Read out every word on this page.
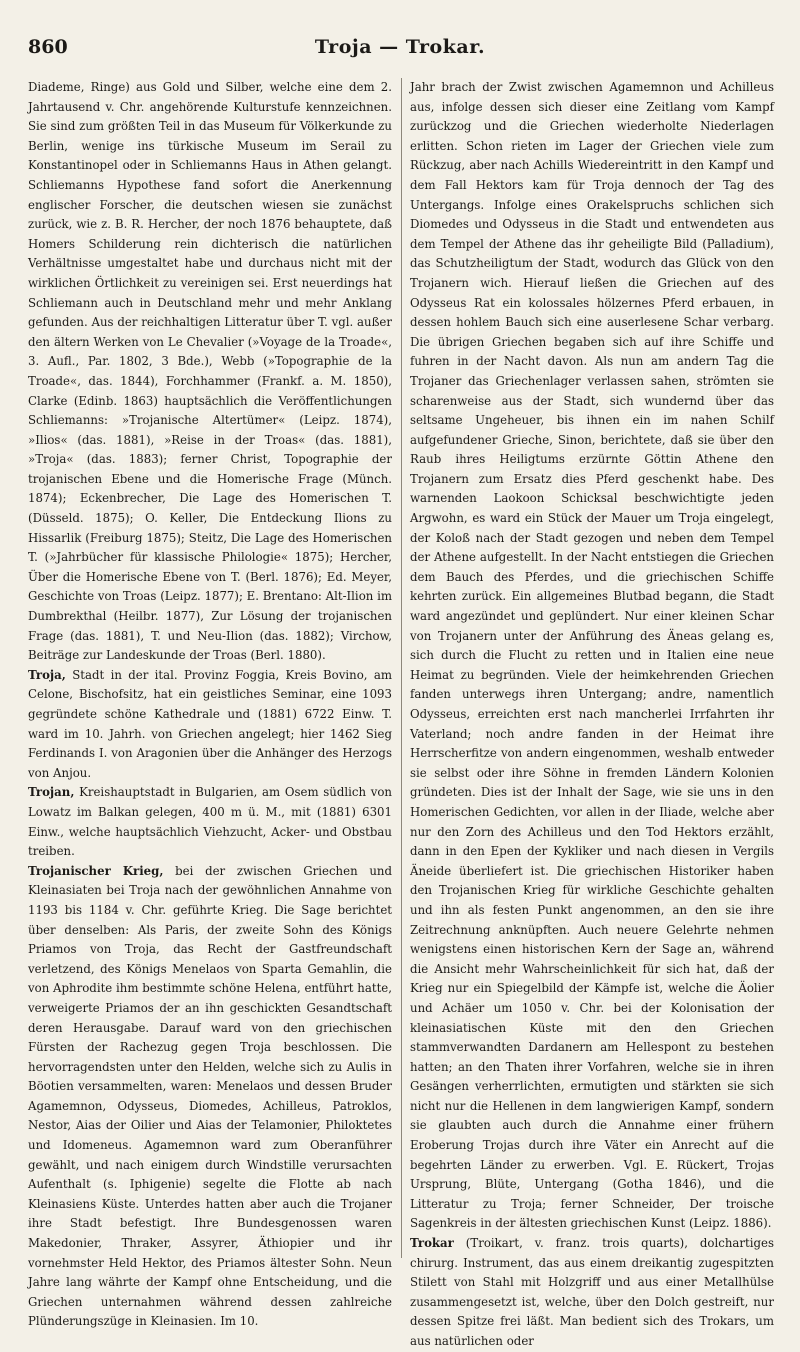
860	Troja — Trokar.

Diademe, Ringe) aus Gold und Silber, welche eine dem 2. Jahrtausend v. Chr. angehörende Kulturstufe kennzeichnen. Sie sind zum größten Teil in das Museum für Völkerkunde zu Berlin, wenige ins türkische Museum im Serail zu Konstantinopel oder in Schliemanns Haus in Athen gelangt. Schliemanns Hypothese fand sofort die Anerkennung englischer Forscher, die deutschen wiesen sie zunächst zurück, wie z. B. R. Hercher, der noch 1876 behauptete, daß Homers Schilderung rein dichterisch die natürlichen Verhältnisse umgestaltet habe und durchaus nicht mit der wirklichen Örtlichkeit zu vereinigen sei. Erst neuerdings hat Schliemann auch in Deutschland mehr und mehr Anklang gefunden. Aus der reichhaltigen Litteratur über T. vgl. außer den ältern Werken von Le Chevalier (»Voyage de la Troade«, 3. Aufl., Par. 1802, 3 Bde.), Webb (»Topographie de la Troade«, das. 1844), Forchhammer (Frankf. a. M. 1850), Clarke (Edinb. 1863) hauptsächlich die Veröffentlichungen Schliemanns: »Trojanische Altertümer« (Leipz. 1874), »Ilios« (das. 1881), »Reise in der Troas« (das. 1881), »Troja« (das. 1883); ferner Christ, Topographie der trojanischen Ebene und die Homerische Frage (Münch. 1874); Eckenbrecher, Die Lage des Homerischen T. (Düsseld. 1875); O. Keller, Die Entdeckung Ilions zu Hissarlik (Freiburg 1875); Steitz, Die Lage des Homerischen T. (»Jahrbücher für klassische Philologie« 1875); Hercher, Über die Homerische Ebene von T. (Berl. 1876); Ed. Meyer, Geschichte von Troas (Leipz. 1877); E. Brentano: Alt-Ilion im Dumbrekthal (Heilbr. 1877), Zur Lösung der trojanischen Frage (das. 1881), T. und Neu-Ilion (das. 1882); Virchow, Beiträge zur Landeskunde der Troas (Berl. 1880).

Troja, Stadt in der ital. Provinz Foggia, Kreis Bovino, am Celone, Bischofsitz, hat ein geistliches Seminar, eine 1093 gegründete schöne Kathedrale und (1881) 6722 Einw. T. ward im 10. Jahrh. von Griechen angelegt; hier 1462 Sieg Ferdinands I. von Aragonien über die Anhänger des Herzogs von Anjou.

Trojan, Kreishauptstadt in Bulgarien, am Osem südlich von Lowatz im Balkan gelegen, 400 m ü. M., mit (1881) 6301 Einw., welche hauptsächlich Viehzucht, Acker- und Obstbau treiben.

Trojanischer Krieg, bei der zwischen Griechen und Kleinasiaten bei Troja nach der gewöhnlichen Annahme von 1193 bis 1184 v. Chr. geführte Krieg. Die Sage berichtet über denselben: Als Paris, der zweite Sohn des Königs Priamos von Troja, das Recht der Gastfreundschaft verletzend, des Königs Menelaos von Sparta Gemahlin, die von Aphrodite ihm bestimmte schöne Helena, entführt hatte, verweigerte Priamos der an ihn geschickten Gesandtschaft deren Herausgabe. Darauf ward von den griechischen Fürsten der Rachezug gegen Troja beschlossen. Die hervorragendsten unter den Helden, welche sich zu Aulis in Böotien versammelten, waren: Menelaos und dessen Bruder Agamemnon, Odysseus, Diomedes, Achilleus, Patroklos, Nestor, Aias der Oilier und Aias der Telamonier, Philoktetes und Idomeneus. Agamemnon ward zum Oberanführer gewählt, und nach einigem durch Windstille verursachten Aufenthalt (s. Iphigenie) segelte die Flotte ab nach Kleinasiens Küste. Unterdes hatten aber auch die Trojaner ihre Stadt befestigt. Ihre Bundesgenossen waren Makedonier, Thraker, Assyrer, Äthiopier und ihr vornehmster Held Hektor, des Priamos ältester Sohn. Neun Jahre lang währte der Kampf ohne Entscheidung, und die Griechen unternahmen während dessen zahlreiche Plünderungszüge in Kleinasien. Im 10.

Jahr brach der Zwist zwischen Agamemnon und Achilleus aus, infolge dessen sich dieser eine Zeitlang vom Kampf zurückzog und die Griechen wiederholte Niederlagen erlitten. Schon rieten im Lager der Griechen viele zum Rückzug, aber nach Achills Wiedereintritt in den Kampf und dem Fall Hektors kam für Troja dennoch der Tag des Untergangs. Infolge eines Orakelspruchs schlichen sich Diomedes und Odysseus in die Stadt und entwendeten aus dem Tempel der Athene das ihr geheiligte Bild (Palladium), das Schutzheiligtum der Stadt, wodurch das Glück von den Trojanern wich. Hierauf ließen die Griechen auf des Odysseus Rat ein kolossales hölzernes Pferd erbauen, in dessen hohlem Bauch sich eine auserlesene Schar verbarg. Die übrigen Griechen begaben sich auf ihre Schiffe und fuhren in der Nacht davon. Als nun am andern Tag die Trojaner das Griechenlager verlassen sahen, strömten sie scharenweise aus der Stadt, sich wundernd über das seltsame Ungeheuer, bis ihnen ein im nahen Schilf aufgefundener Grieche, Sinon, berichtete, daß sie über den Raub ihres Heiligtums erzürnte Göttin Athene den Trojanern zum Ersatz dies Pferd geschenkt habe. Des warnenden Laokoon Schicksal beschwichtigte jeden Argwohn, es ward ein Stück der Mauer um Troja eingelegt, der Koloß nach der Stadt gezogen und neben dem Tempel der Athene aufgestellt. In der Nacht entstiegen die Griechen dem Bauch des Pferdes, und die griechischen Schiffe kehrten zurück. Ein allgemeines Blutbad begann, die Stadt ward angezündet und geplündert. Nur einer kleinen Schar von Trojanern unter der Anführung des Äneas gelang es, sich durch die Flucht zu retten und in Italien eine neue Heimat zu begründen. Viele der heimkehrenden Griechen fanden unterwegs ihren Untergang; andre, namentlich Odysseus, erreichten erst nach mancherlei Irrfahrten ihr Vaterland; noch andre fanden in der Heimat ihre Herrscherfitze von andern eingenommen, weshalb entweder sie selbst oder ihre Söhne in fremden Ländern Kolonien gründeten. Dies ist der Inhalt der Sage, wie sie uns in den Homerischen Gedichten, vor allen in der Iliade, welche aber nur den Zorn des Achilleus und den Tod Hektors erzählt, dann in den Epen der Kykliker und nach diesen in Vergils Äneide überliefert ist. Die griechischen Historiker haben den Trojanischen Krieg für wirkliche Geschichte gehalten und ihn als festen Punkt angenommen, an den sie ihre Zeitrechnung anknüpften. Auch neuere Gelehrte nehmen wenigstens einen historischen Kern der Sage an, während die Ansicht mehr Wahrscheinlichkeit für sich hat, daß der Krieg nur ein Spiegelbild der Kämpfe ist, welche die Äolier und Achäer um 1050 v. Chr. bei der Kolonisation der kleinasiatischen Küste mit den den Griechen stammverwandten Dardanern am Hellespont zu bestehen hatten; an den Thaten ihrer Vorfahren, welche sie in ihren Gesängen verherrlichten, ermutigten und stärkten sie sich nicht nur die Hellenen in dem langwierigen Kampf, sondern sie glaubten auch durch die Annahme einer frühern Eroberung Trojas durch ihre Väter ein Anrecht auf die begehrten Länder zu erwerben. Vgl. E. Rückert, Trojas Ursprung, Blüte, Untergang (Gotha 1846), und die Litteratur zu Troja; ferner Schneider, Der troische Sagenkreis in der ältesten griechischen Kunst (Leipz. 1886).

Trokar (Troikart, v. franz. trois quarts), dolchartiges chirurg. Instrument, das aus einem dreikantig zugespitzten Stilett von Stahl mit Holzgriff und aus einer Metallhülse zusammengesetzt ist, welche, über den Dolch gestreift, nur dessen Spitze frei läßt. Man bedient sich des Trokars, um aus natürlichen oder
